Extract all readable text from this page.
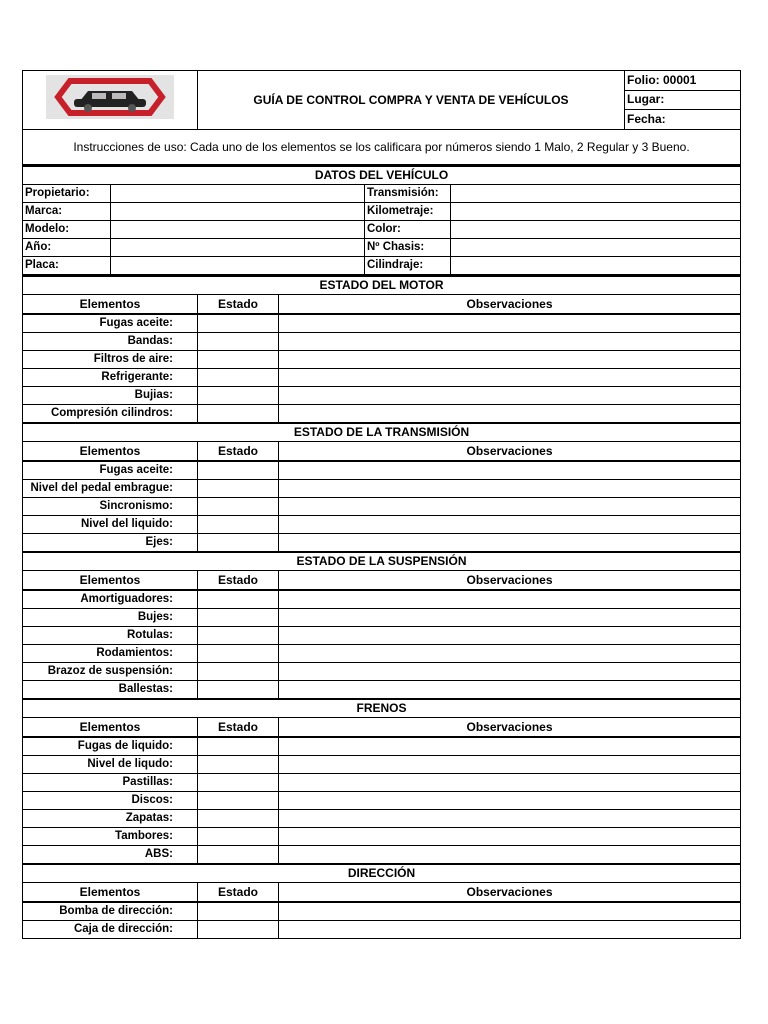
	GUÍA DE CONTROL COMPRA Y VENTA DE VEHÍCULOS	Folio: 00001
Lugar:
Fecha:
Instrucciones de uso: Cada uno de los elementos se los calificara por números siendo 1 Malo, 2 Regular y 3 Bueno.
DATOS DEL VEHÍCULO			
Propietario:		Transmisión:	
Marca:		Kilometraje:	
Modelo:		Color:	
Año:		Nº Chasis:	
Placa:		Cilindraje:	
ESTADO DEL MOTOR		
Elementos	Estado	Observaciones
Fugas aceite:		
Bandas:		
Filtros de aire:		
Refrigerante:		
Bujias:		
Compresión cilindros:		
ESTADO DE LA TRANSMISIÓN		
Elementos	Estado	Observaciones
Fugas aceite:		
Nivel del pedal embrague:		
Sincronismo:		
Nivel del liquido:		
Ejes:		
ESTADO DE LA SUSPENSIÓN		
Elementos	Estado	Observaciones
Amortiguadores:		
Bujes:		
Rotulas:		
Rodamientos:		
Brazoz de suspensión:		
Ballestas:		
FRENOS		
Elementos	Estado	Observaciones
Fugas de liquido:		
Nivel de liqudo:		
Pastillas:		
Discos:		
Zapatas:		
Tambores:		
ABS:		
DIRECCIÓN		
Elementos	Estado	Observaciones
Bomba de dirección:		
Caja de dirección:		
